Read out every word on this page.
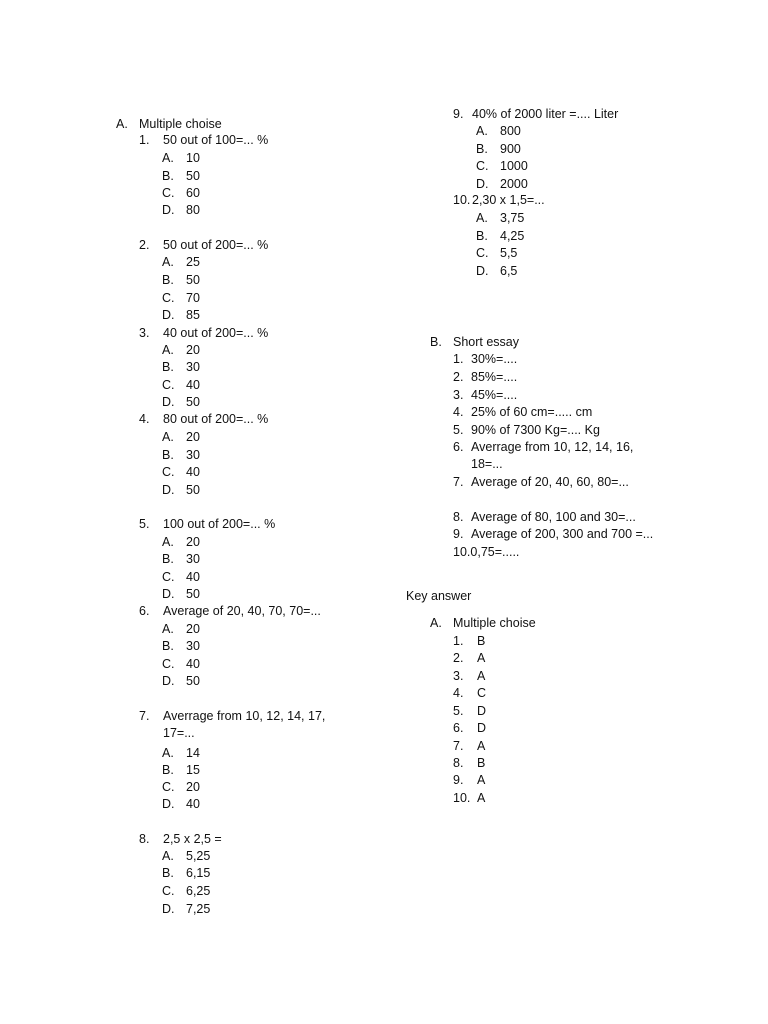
A. Multiple choise
1. 50 out of 100=... %
A. 10
B. 50
C. 60
D. 80
2. 50 out of 200=... %
A. 25
B. 50
C. 70
D. 85
3. 40 out of 200=... %
A. 20
B. 30
C. 40
D. 50
4. 80 out of 200=... %
A. 20
B. 30
C. 40
D. 50
5. 100 out of 200=... %
A. 20
B. 30
C. 40
D. 50
6. Average of 20, 40, 70, 70=...
A. 20
B. 30
C. 40
D. 50
7. Averrage from 10, 12, 14, 17,
17=...
A. 14
B. 15
C. 20
D. 40
8. 2,5 x 2,5 =
A. 5,25
B. 6,15
C. 6,25
D. 7,25
9. 40% of 2000 liter =.... Liter
A. 800
B. 900
C. 1000
D. 2000
10. 2,30 x 1,5=...
A. 3,75
B. 4,25
C. 5,5
D. 6,5
B. Short essay
1. 30%=....
2. 85%=....
3. 45%=....
4. 25% of 60 cm=..... cm
5. 90% of 7300 Kg=.... Kg
6. Averrage from 10, 12, 14, 16,
18=...
7. Average of 20, 40, 60, 80=...
8. Average of 80, 100 and 30=...
9. Average of 200, 300 and 700 =...
10.0,75=.....
Key answer
A. Multiple choise
1. B
2. A
3. A
4. C
5. D
6. D
7. A
8. B
9. A
10. A
